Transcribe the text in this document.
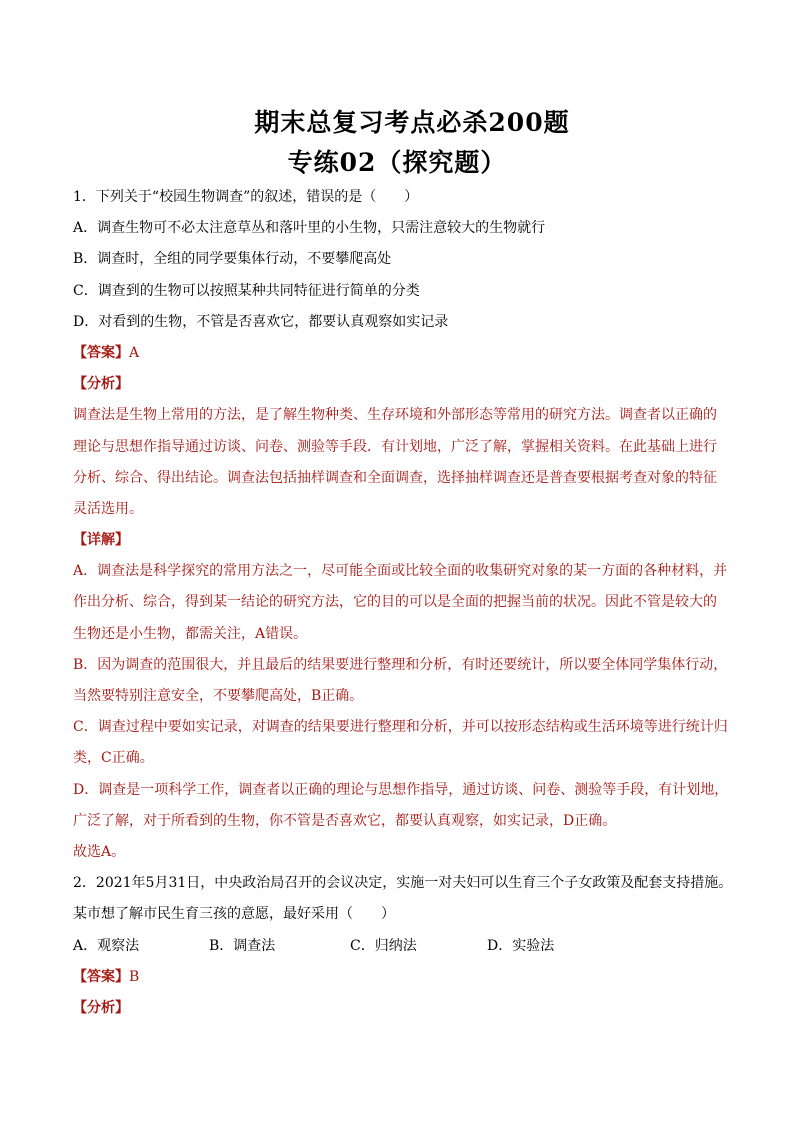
期末总复习考点必杀200题
专练02（探究题）
1．下列关于“校园生物调查”的叙述，错误的是（　　）
A．调查生物可不必太注意草丛和落叶里的小生物，只需注意较大的生物就行
B．调查时，全组的同学要集体行动，不要攀爬高处
C．调查到的生物可以按照某种共同特征进行简单的分类
D．对看到的生物，不管是否喜欢它，都要认真观察如实记录
【答案】A
【分析】
调查法是生物上常用的方法，是了解生物种类、生存环境和外部形态等常用的研究方法。调查者以正确的
理论与思想作指导通过访谈、问卷、测验等手段．有计划地，广泛了解，掌握相关资料。在此基础上进行
分析、综合、得出结论。调查法包括抽样调查和全面调查，选择抽样调查还是普查要根据考查对象的特征
灵活选用。
【详解】
A．调查法是科学探究的常用方法之一，尽可能全面或比较全面的收集研究对象的某一方面的各种材料，并
作出分析、综合，得到某一结论的研究方法，它的目的可以是全面的把握当前的状况。因此不管是较大的
生物还是小生物，都需关注，A错误。
B．因为调查的范围很大，并且最后的结果要进行整理和分析，有时还要统计，所以要全体同学集体行动，
当然要特别注意安全，不要攀爬高处，B正确。
C．调查过程中要如实记录，对调查的结果要进行整理和分析，并可以按形态结构或生活环境等进行统计归
类，C正确。
D．调查是一项科学工作，调查者以正确的理论与思想作指导，通过访谈、问卷、测验等手段，有计划地，
广泛了解，对于所看到的生物，你不管是否喜欢它，都要认真观察，如实记录，D正确。
故选A。
2．2021年5月31日，中央政治局召开的会议决定，实施一对夫妇可以生育三个子女政策及配套支持措施。
某市想了解市民生育三孩的意愿，最好采用（　　）
A．观察法	B．调查法	C．归纳法	D．实验法
【答案】B
【分析】
